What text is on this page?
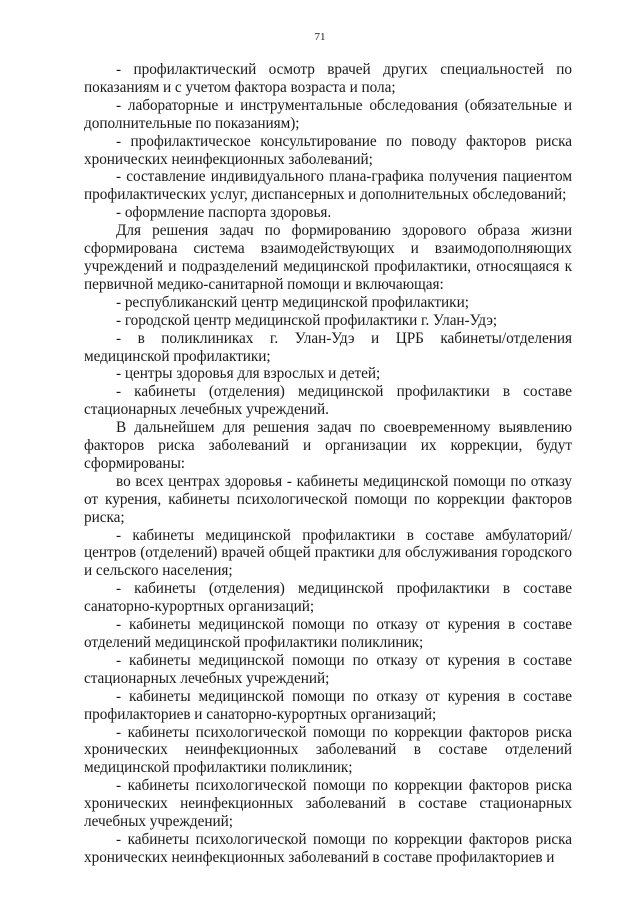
71

- профилактический осмотр врачей других специальностей по показаниям и с учетом фактора возраста и пола;

- лабораторные и инструментальные обследования (обязательные и дополнительные по показаниям);

- профилактическое консультирование по поводу факторов риска хронических неинфекционных заболеваний;

- составление индивидуального плана-графика получения пациентом профилактических услуг, диспансерных и дополнительных обследований;

- оформление паспорта здоровья.

Для решения задач по формированию здорового образа жизни сформирована система взаимодействующих и взаимодополняющих учреждений и подразделений медицинской профилактики, относящаяся к первичной медико-санитарной помощи и включающая:

- республиканский центр медицинской профилактики;

- городской центр медицинской профилактики г. Улан-Удэ;

- в поликлиниках г. Улан-Удэ и ЦРБ кабинеты/отделения медицинской профилактики;

- центры здоровья для взрослых и детей;

- кабинеты (отделения) медицинской профилактики в составе стационарных лечебных учреждений.

В дальнейшем для решения задач по своевременному выявлению факторов риска заболеваний и организации их коррекции, будут сформированы:

во всех центрах здоровья - кабинеты медицинской помощи по отказу от курения, кабинеты психологической помощи по коррекции факторов риска;

- кабинеты медицинской профилактики в составе амбулаторий/центров (отделений) врачей общей практики для обслуживания городского и сельского населения;

- кабинеты (отделения) медицинской профилактики в составе санаторно-курортных организаций;

- кабинеты медицинской помощи по отказу от курения в составе отделений медицинской профилактики поликлиник;

- кабинеты медицинской помощи по отказу от курения в составе стационарных лечебных учреждений;

- кабинеты медицинской помощи по отказу от курения в составе профилакториев и санаторно-курортных организаций;

- кабинеты психологической помощи по коррекции факторов риска хронических неинфекционных заболеваний в составе отделений медицинской профилактики поликлиник;

- кабинеты психологической помощи по коррекции факторов риска хронических неинфекционных заболеваний в составе стационарных лечебных учреждений;

- кабинеты психологической помощи по коррекции факторов риска хронических неинфекционных заболеваний в составе профилакториев и
